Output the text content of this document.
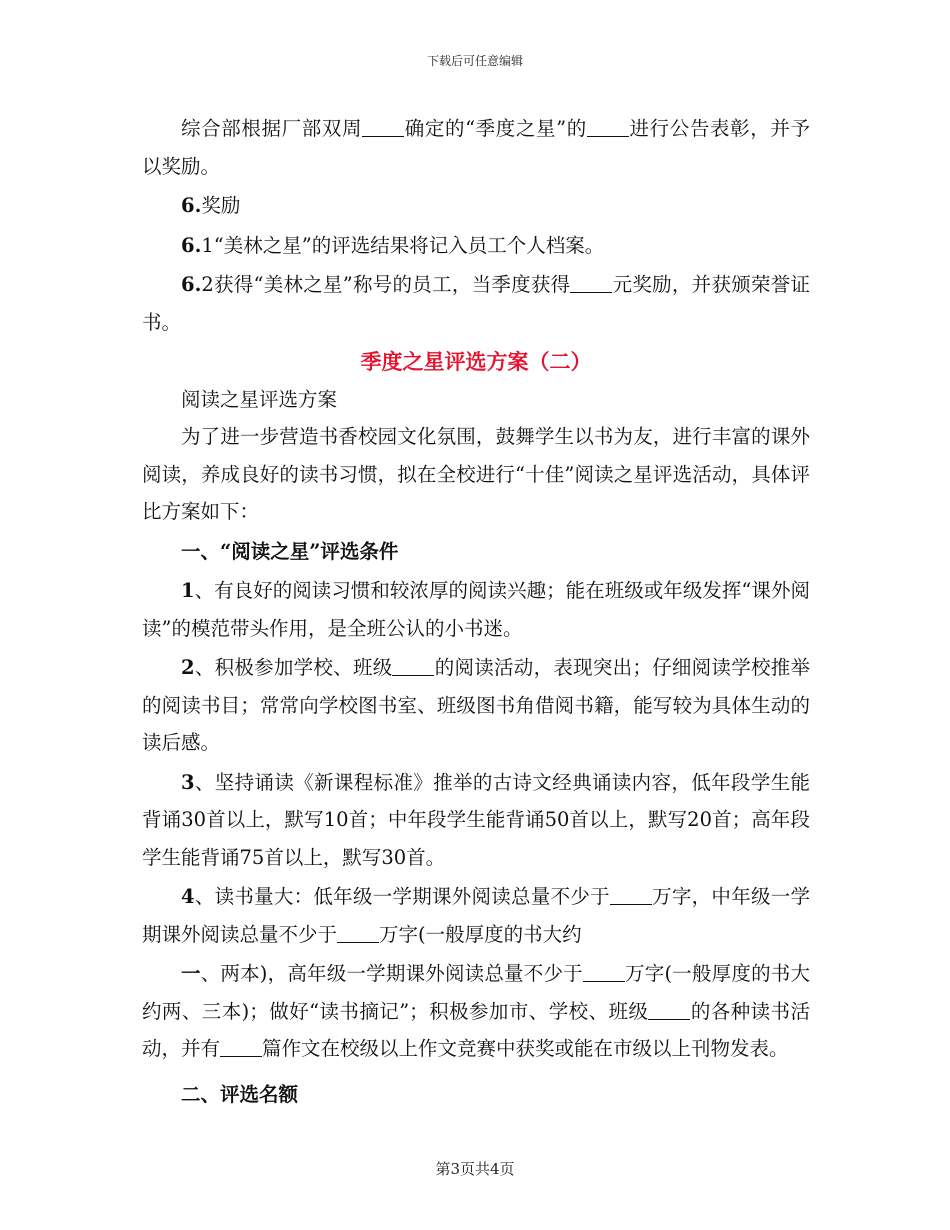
下载后可任意编辑

综合部根据厂部双周 确定的“季度之星”的 进行公告表彰，并予以奖励。

6.奖励

6.1“美林之星”的评选结果将记入员工个人档案。

6.2获得“美林之星”称号的员工，当季度获得 元奖励，并获颁荣誉证书。

季度之星评选方案（二）

阅读之星评选方案

为了进一步营造书香校园文化氛围，鼓舞学生以书为友，进行丰富的课外阅读，养成良好的读书习惯，拟在全校进行“十佳”阅读之星评选活动，具体评比方案如下：

一、“阅读之星”评选条件

1、有良好的阅读习惯和较浓厚的阅读兴趣；能在班级或年级发挥“课外阅读”的模范带头作用，是全班公认的小书迷。

2、积极参加学校、班级 的阅读活动，表现突出；仔细阅读学校推举的阅读书目；常常向学校图书室、班级图书角借阅书籍，能写较为具体生动的读后感。

3、坚持诵读《新课程标准》推举的古诗文经典诵读内容，低年段学生能背诵30首以上，默写10首；中年段学生能背诵50首以上，默写20首；高年段学生能背诵75首以上，默写30首。

4、读书量大：低年级一学期课外阅读总量不少于 万字，中年级一学期课外阅读总量不少于 万字(一般厚度的书大约

一、两本)，高年级一学期课外阅读总量不少于 万字(一般厚度的书大约两、三本)；做好“读书摘记”；积极参加市、学校、班级 的各种读书活动，并有 篇作文在校级以上作文竞赛中获奖或能在市级以上刊物发表。

二、评选名额

第3页共4页
